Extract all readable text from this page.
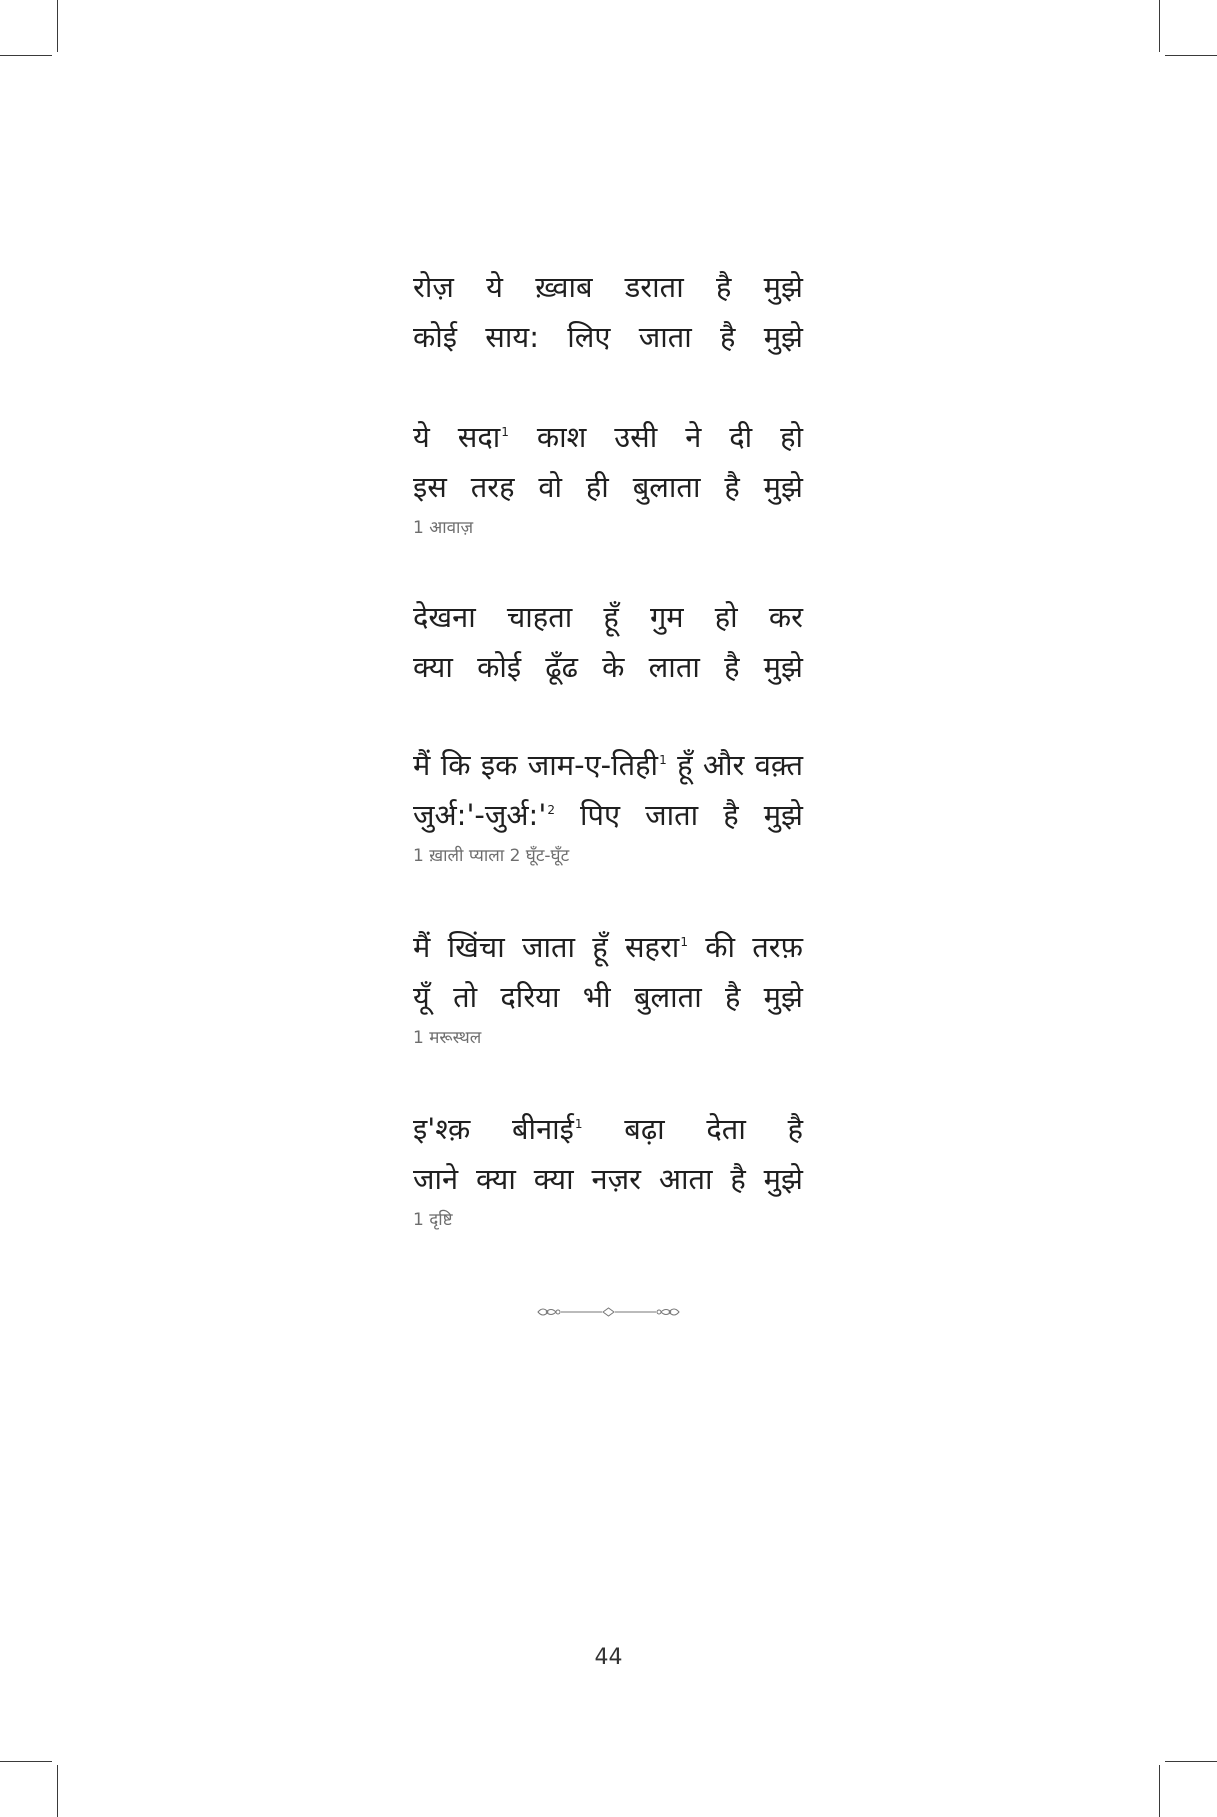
रोज़ ये ख़्वाब डराता है मुझे
कोई साय: लिए जाता है मुझे
ये सदा$^1$ काश उसी ने दी हो
इस तरह वो ही बुलाता है मुझे
1 आवाज़
देखना चाहता हूँ गुम हो कर
क्या कोई ढूँढ के लाता है मुझे
मैं कि इक जाम-ए-तिही$^1$ हूँ और वक़्त
$जुर्अ:'-जुर्अ:'^2$ पिए जाता है मुझे
1 ख़ाली प्याला 2 घूँट-घूँट
मैं खिंचा जाता हूँ सहरा$^1$ की तरफ़
यूँ तो दरिया भी बुलाता है मुझे
1 मरूस्थल
इ'श्क़ बीनाई$^1$ बढ़ा देता है
जाने क्या क्या नज़र आता है मुझे
1 दृष्टि
44
